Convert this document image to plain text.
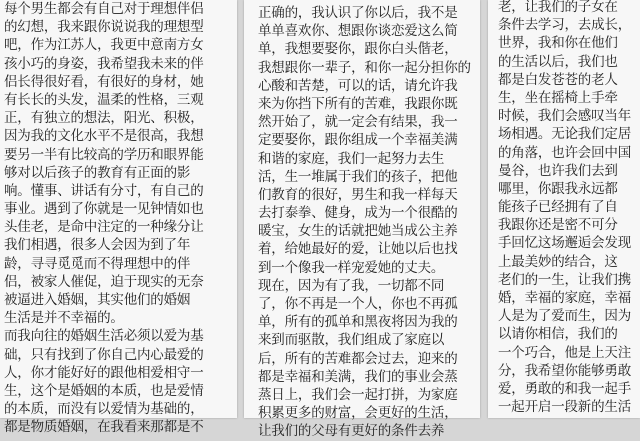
每个男生都会有自己对于理想伴侣
的幻想，我来跟你说说我的理想型
吧，作为江苏人，我更中意南方女
孩小巧的身姿，我希望我未来的伴
侣长得很好看，有很好的身材，她
有长长的头发，温柔的性格，三观
正，有独立的想法，阳光、积极，
因为我的文化水平不是很高，我想
要另一半有比较高的学历和眼界能
够对以后孩子的教育有正面的影
响。懂事、讲话有分寸，有自己的
事业。遇到了你就是一见钟情如也
头佳老，是命中注定的一种缘分让
我们相遇，很多人会因为到了年
龄，寻寻觅觅而不得理想中的伴
侣，被家人催促，迫于现实的无奈
被逼进入婚姻，其实他们的婚姻
生活是并不幸福的。
而我向往的婚姻生活必须以爱为基
础，只有找到了你自己内心最爱的
人，你才能好好的跟他相爱相守一
生，这个是婚姻的本质，也是爱情
的本质，而没有以爱情为基础的，
都是物质婚姻，在我看来那都是不
正确的，我认识了你以后，我不是
单单喜欢你、想跟你谈恋爱这么简
单，我想要娶你，跟你白头偕老，
我想跟你一辈子，和你一起分担你的
心酸和苦楚，可以的话，请允许我
来为你挡下所有的苦难，我跟你既
然开始了，就一定会有结果，我一
定要娶你，跟你组成一个幸福美满
和谐的家庭，我们一起努力去生
活，生一堆属于我们的孩子，把他
们教育的很好，男生和我一样每天
去打泰拳、健身，成为一个很酷的
暖宝，女生的话就把她当成公主养
着，给她最好的爱，让她以后也找
到一个像我一样宠爱她的丈夫。
现在，因为有了我，一切都不同
了，你不再是一个人，你也不再孤
单，所有的孤单和黑夜将因为我的
来到而驱散，我们组成了家庭以
后，所有的苦难都会过去，迎来的
都是幸福和美满，我们的事业会蒸
蒸日上，我们会一起打拼，为家庭
积累更多的财富，会更好的生活，
让我们的父母有更好的条件去养
老，让我们的子女在
条件去学习，去成长，
世界，我和你在他们
的生活以后，我们也
都是白发苍苍的老人
生，坐在摇椅上手牵
时候，我们会感叹当年
场相遇。无论我们定居
的角落，也许会回中国
曼谷，也许我们去到
哪里，你跟我永远都
能孩子已经拥有了自
我跟你还是密不可分
手回忆这场邂逅会发现
上最美妙的结合，这
老们的一生，让我们携
婚，幸福的家庭，幸福
人是为了爱而生，因为
以请你相信，我们的
一个巧合，他是上天注
分，我希望你能够勇敢
爱，勇敢的和我一起手
一起开启一段新的生活
